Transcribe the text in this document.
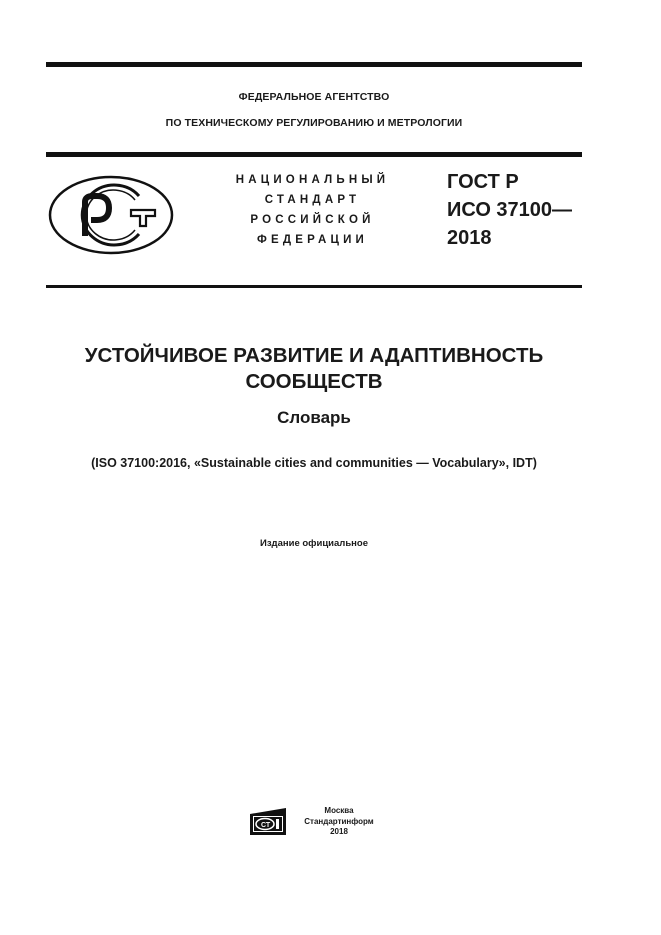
ФЕДЕРАЛЬНОЕ АГЕНТСТВО
ПО ТЕХНИЧЕСКОМУ РЕГУЛИРОВАНИЮ И МЕТРОЛОГИИ
НАЦИОНАЛЬНЫЙ
СТАНДАРТ
РОССИЙСКОЙ
ФЕДЕРАЦИИ
ГОСТ Р
ИСО 37100—
2018
УСТОЙЧИВОЕ РАЗВИТИЕ И АДАПТИВНОСТЬ
СООБЩЕСТВ
Словарь
(ISO 37100:2016, «Sustainable cities and communities — Vocabulary», IDT)
Издание официальное
СТ
Москва
Стандартинформ
2018
